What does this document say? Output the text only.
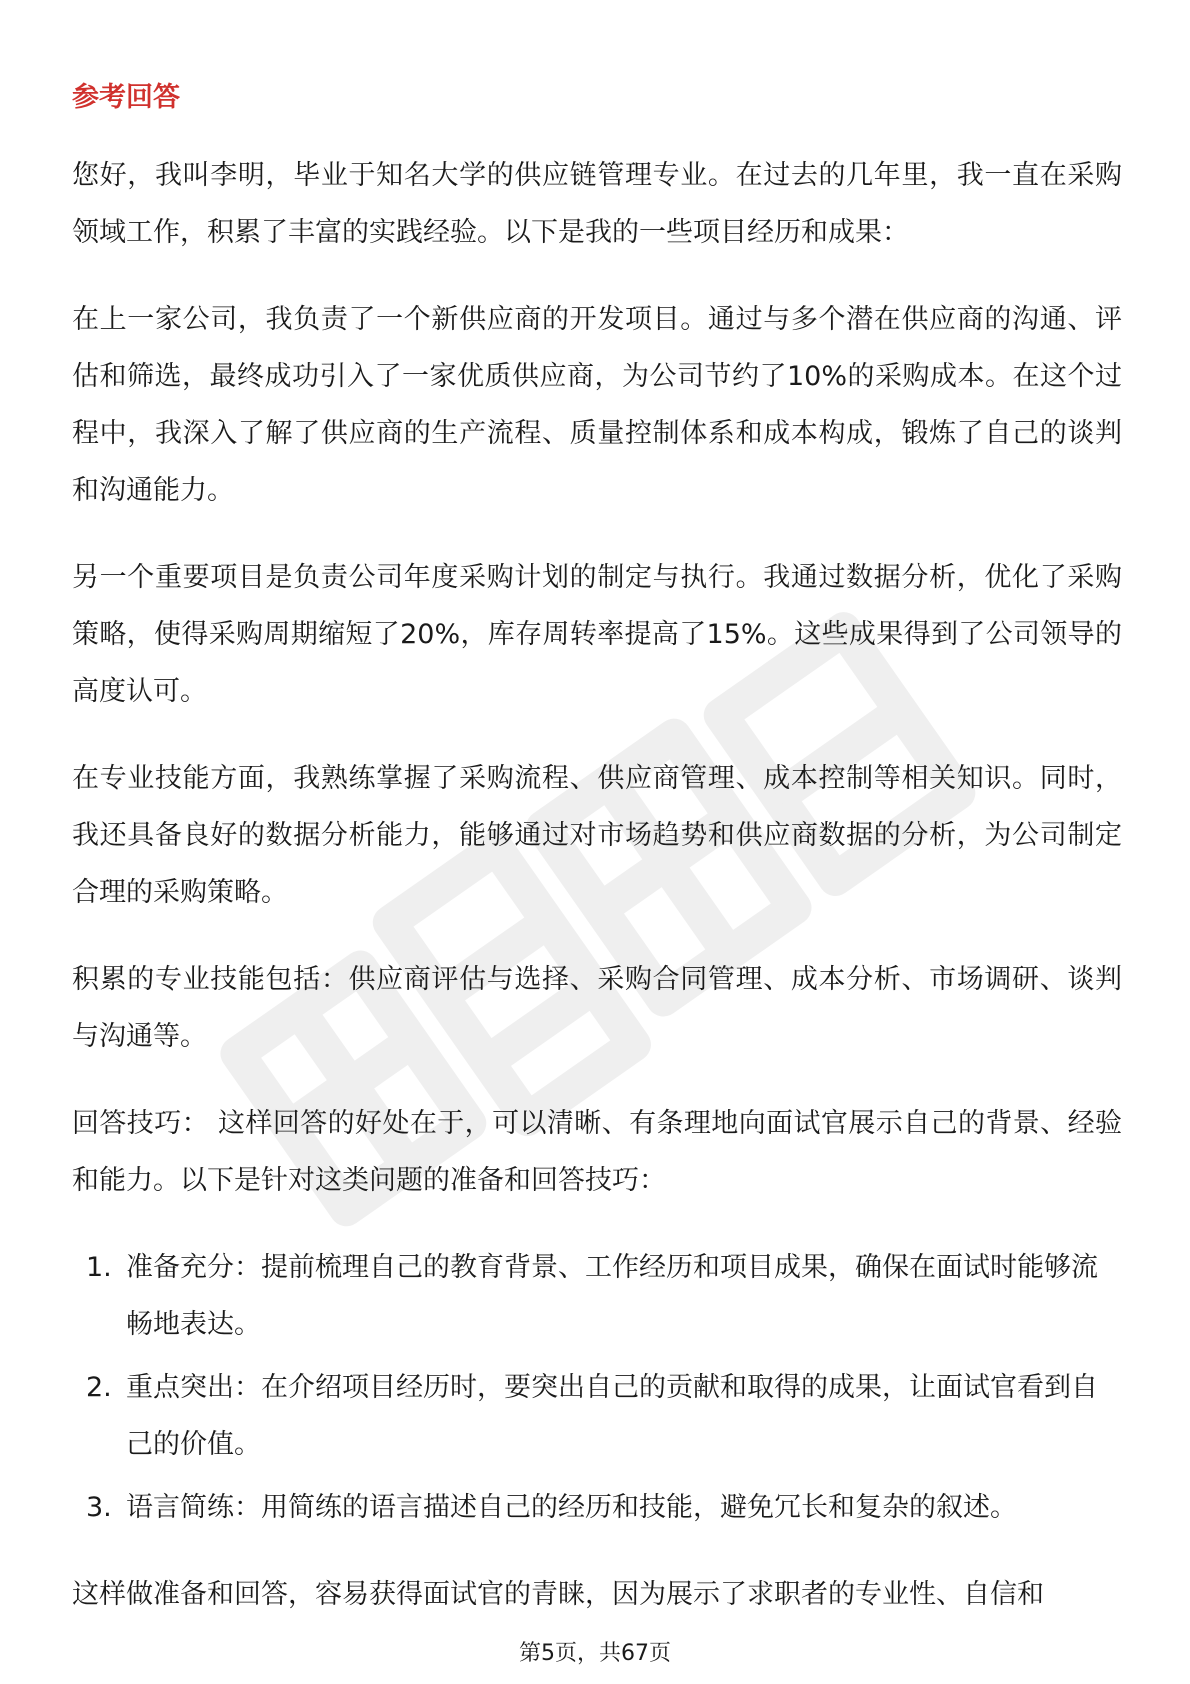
参考回答

您好，我叫李明，毕业于知名大学的供应链管理专业。在过去的几年里，我一直在采购领域工作，积累了丰富的实践经验。以下是我的一些项目经历和成果：

在上一家公司，我负责了一个新供应商的开发项目。通过与多个潜在供应商的沟通、评估和筛选，最终成功引入了一家优质供应商，为公司节约了10%的采购成本。在这个过程中，我深入了解了供应商的生产流程、质量控制体系和成本构成，锻炼了自己的谈判和沟通能力。

另一个重要项目是负责公司年度采购计划的制定与执行。我通过数据分析，优化了采购策略，使得采购周期缩短了20%，库存周转率提高了15%。这些成果得到了公司领导的高度认可。

在专业技能方面，我熟练掌握了采购流程、供应商管理、成本控制等相关知识。同时，我还具备良好的数据分析能力，能够通过对市场趋势和供应商数据的分析，为公司制定合理的采购策略。

积累的专业技能包括：供应商评估与选择、采购合同管理、成本分析、市场调研、谈判与沟通等。

回答技巧： 这样回答的好处在于，可以清晰、有条理地向面试官展示自己的背景、经验和能力。以下是针对这类问题的准备和回答技巧：

1. 准备充分：提前梳理自己的教育背景、工作经历和项目成果，确保在面试时能够流畅地表达。
2. 重点突出：在介绍项目经历时，要突出自己的贡献和取得的成果，让面试官看到自己的价值。
3. 语言简练：用简练的语言描述自己的经历和技能，避免冗长和复杂的叙述。

这样做准备和回答，容易获得面试官的青睐，因为展示了求职者的专业性、自信和

第5页，共67页
